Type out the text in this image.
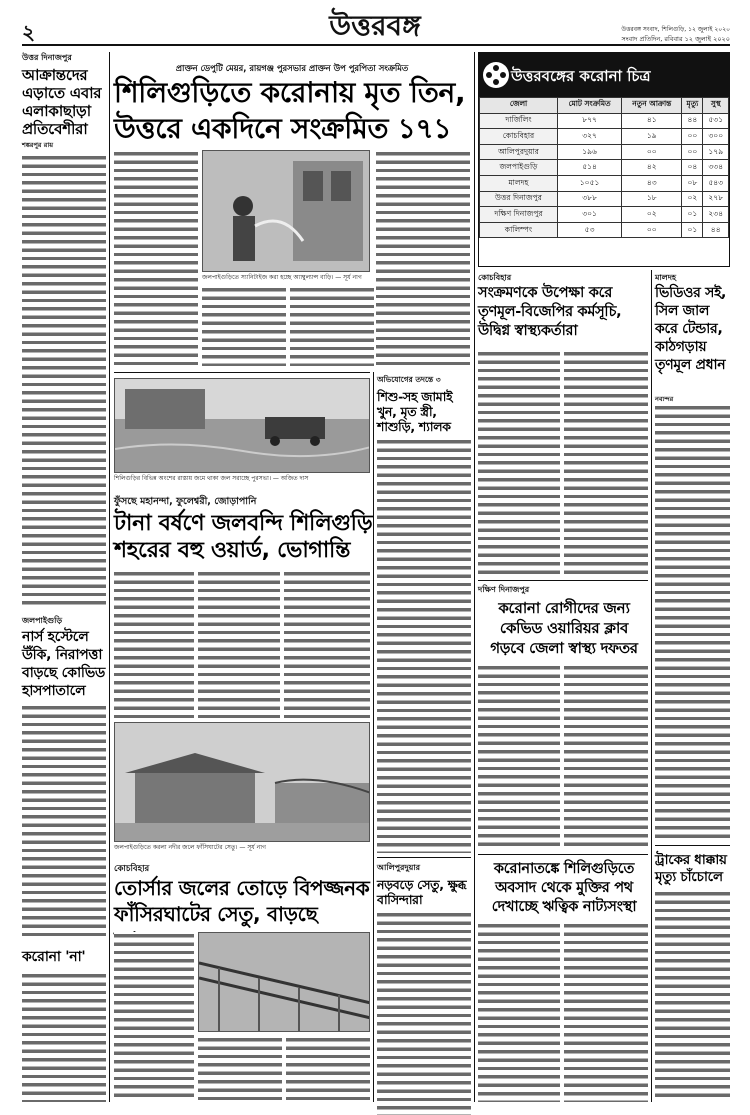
২	উত্তরবঙ্গ	উত্তরবঙ্গ সংবাদ, শিলিগুড়ি, ১২ জুলাই ২০২০
সংবাদ প্রতিদিন, রবিবার ১২ জুলাই ২০২০
উত্তর দিনাজপুর
আক্রান্তদের এড়াতে এবার এলাকাছাড়া প্রতিবেশীরা
শঙ্করপুর রায়
জলপাইগুড়ি
নার্স হস্টেলে উঁকি, নিরাপত্তা বাড়ছে কোভিড হাসপাতালে
করোনা 'না'
প্রাক্তন ডেপুটি মেয়র, রায়গঞ্জ পুরসভার প্রাক্তন উপ পুরপিতা সংক্রমিত
শিলিগুড়িতে করোনায় মৃত তিন,
উত্তরে একদিনে সংক্রমিত ১৭১
জলপাইগুড়িতে স্যানিটাইজ করা হচ্ছে অ্যাম্বুল্যান্স বাড়ি। — সূর্য নাগ
শিলিগুড়ির বিভিন্ন অংশের রাস্তায় জমে থাকা জল সরাচ্ছে পুরসভা। — অজিত দাস
ফুঁসছে মহানন্দা, ফুলেশ্বরী, জোড়াপানি
টানা বর্ষণে জলবন্দি শিলিগুড়ি
শহরের বহু ওয়ার্ড, ভোগান্তি
জলপাইগুড়িতে করলা নদীর জলে ফাঁসিঘাটের সেতু। — সূর্য নাগ
কোচবিহার
তোর্সার জলের তোড়ে বিপজ্জনক
ফাঁসিরঘাটের সেতু, বাড়ছে
অভিযোগের তদন্তে ৩
শিশু-সহ জামাই খুন, মৃত স্ত্রী, শাশুড়ি, শ্যালক
আলিপুরদুয়ার
নড়বড়ে সেতু, ক্ষুব্ধ বাসিন্দারা
উত্তরবঙ্গের করোনা চিত্র
জেলা	মোট সংক্রমিত	নতুন আক্রান্ত	মৃত্যু	সুস্থ
দার্জিলিং	৮৭৭	৪১	৪৪	৫৩১
কোচবিহার	৩২৭	১৯	০০	৩০০
আলিপুরদুয়ার	১৯৬	০০	০০	১৭৯
জলপাইগুড়ি	৫১৪	৪২	০৪	৩৩৪
মালদহ	১০৫১	৪৩	০৮	৫৪৩
উত্তর দিনাজপুর	৩৮৮	১৮	০২	২৭৮
দক্ষিণ দিনাজপুর	৩০১	০২	০১	২৩৪
কালিম্পং	৫৩	০০	০১	৪৪
কোচবিহার
সংক্রমণকে উপেক্ষা করে তৃণমূল-বিজেপির কর্মসূচি, উদ্বিগ্ন স্বাস্থ্যকর্তারা
মালদহ
ভিডিওর সই, সিল জাল করে টেন্ডার, কাঠগড়ায় তৃণমূল প্রধান
নব্যন্দর
দক্ষিণ দিনাজপুর
করোনা রোগীদের জন্য
কেভিড ওয়ারিয়র ক্লাব
গড়বে জেলা স্বাস্থ্য দফতর
করোনাতঙ্কে শিলিগুড়িতে
অবসাদ থেকে মুক্তির পথ
দেখাচ্ছে ঋত্বিক নাট্যসংস্থা
ট্রাকের ধাক্কায় মৃত্যু চাঁচোলে
